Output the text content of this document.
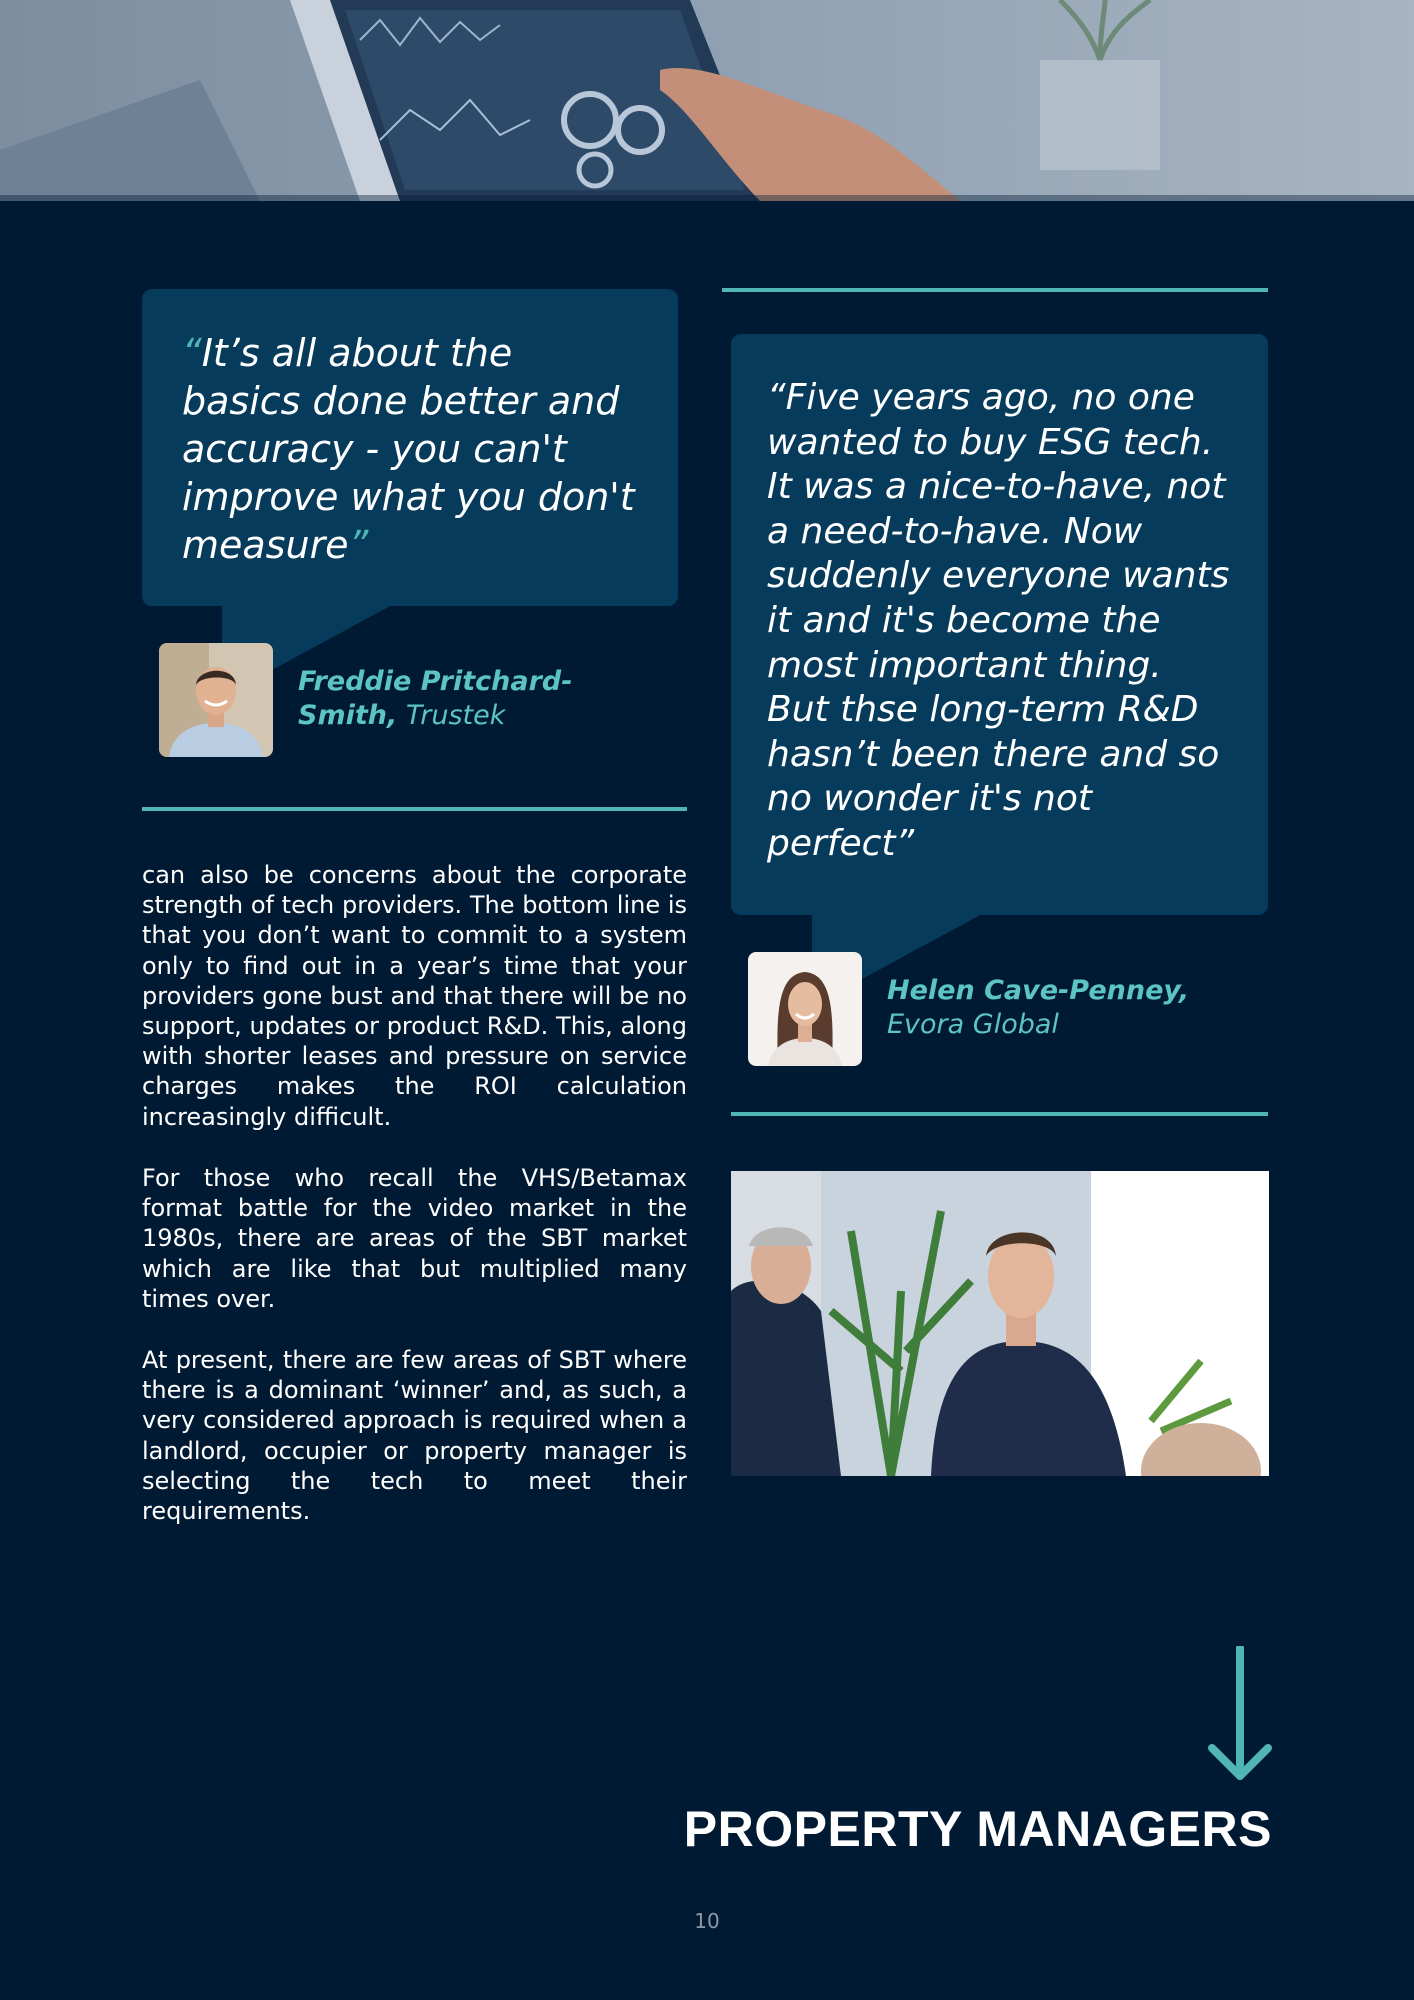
“It’s all about the basics done better and accuracy - you can't improve what you don't measure”

Freddie Pritchard-Smith, Trustek

can also be concerns about the corporate strength of tech providers. The bottom line is that you don’t want to commit to a system only to find out in a year’s time that your providers gone bust and that there will be no support, updates or product R&D. This, along with shorter leases and pressure on service charges makes the ROI calculation increasingly difficult.

For those who recall the VHS/Betamax format battle for the video market in the 1980s, there are areas of the SBT market which are like that but multiplied many times over.

At present, there are few areas of SBT where there is a dominant ‘winner’ and, as such, a very considered approach is required when a landlord, occupier or property manager is selecting the tech to meet their requirements.

“Five years ago, no one wanted to buy ESG tech. It was a nice-to-have, not a need-to-have. Now suddenly everyone wants it and it's become the most important thing. But thse long-term R&D hasn’t been there and so no wonder it's not perfect”

Helen Cave-Penney,
Evora Global
PROPERTY MANAGERS
10
